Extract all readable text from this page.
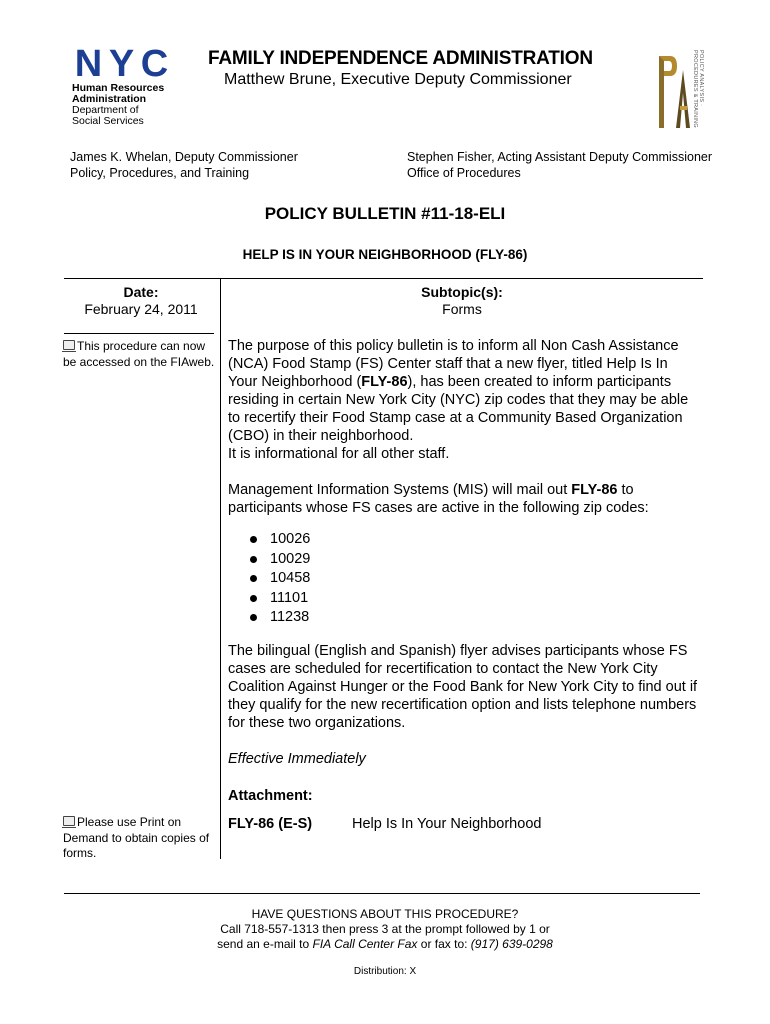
N Y C
Human Resources
Administration
Department of
Social Services
FAMILY INDEPENDENCE ADMINISTRATION
Matthew Brune, Executive Deputy Commissioner	POLICY ANALYSIS · PROCEDURES & TRAINING
James K. Whelan, Deputy Commissioner
Policy, Procedures, and Training
Stephen Fisher, Acting Assistant Deputy Commissioner
Office of Procedures
POLICY BULLETIN #11-18-ELI
HELP IS IN YOUR NEIGHBORHOOD (FLY-86)
Date:
February 24, 2011
Subtopic(s):
Forms
This procedure can now be accessed on the FIAweb.
Please use Print on Demand to obtain copies of forms.
The purpose of this policy bulletin is to inform all Non Cash Assistance (NCA) Food Stamp (FS) Center staff that a new flyer, titled Help Is In Your Neighborhood (FLY-86), has been created to inform participants residing in certain New York City (NYC) zip codes that they may be able to recertify their Food Stamp case at a Community Based Organization (CBO) in their neighborhood.
It is informational for all other staff.
Management Information Systems (MIS) will mail out FLY-86 to participants whose FS cases are active in the following zip codes:
10026
10029
10458
11101
11238
The bilingual (English and Spanish) flyer advises participants whose FS cases are scheduled for recertification to contact the New York City Coalition Against Hunger or the Food Bank for New York City to find out if they qualify for the new recertification option and lists telephone numbers for these two organizations.
Effective Immediately
Attachment:
FLY-86 (E-S)	Help Is In Your Neighborhood
HAVE QUESTIONS ABOUT THIS PROCEDURE?
Call 718-557-1313 then press 3 at the prompt followed by 1 or
send an e-mail to FIA Call Center Fax or fax to: (917) 639-0298
Distribution: X
